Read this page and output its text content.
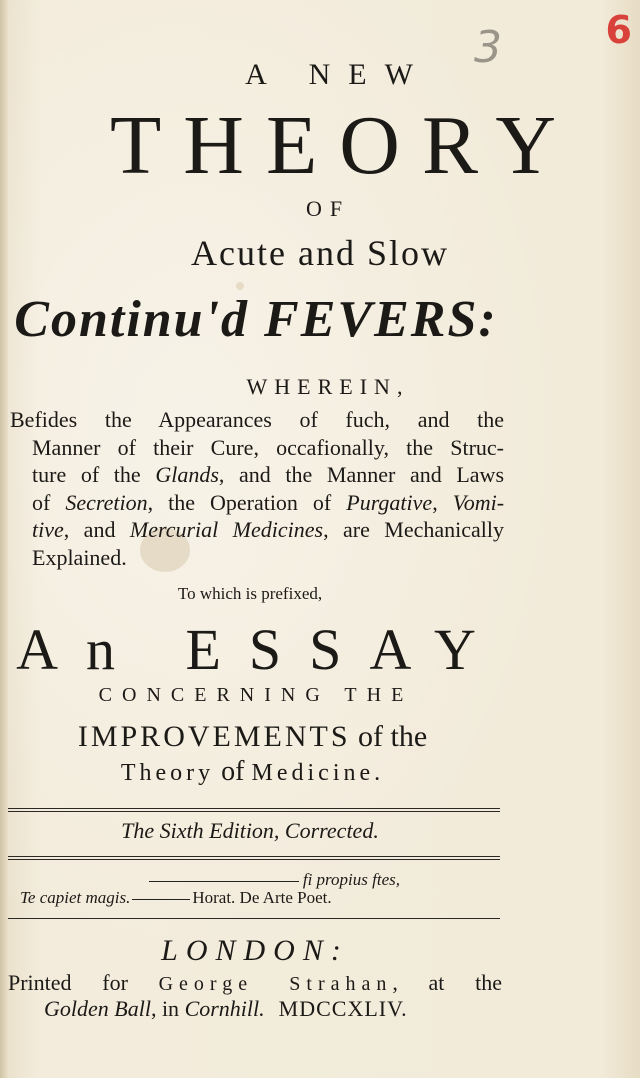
6
3
A NEW
THEORY
OF
Acute and Slow
Continu'd FEVERS:
WHEREIN,
Befides the Appearances of fuch, and the
Manner of their Cure, occafionally, the Struc-
ture of the Glands, and the Manner and Laws
of Secretion, the Operation of Purgative, Vomi-
tive, and Mercurial Medicines, are Mechanically
Explained.
To which is prefixed,
An ESSAY
CONCERNING THE
IMPROVEMENTS of the
Theory of Medicine.
The Sixth Edition, Corrected.
fi propius ftes,
Te capiet magis.	Horat. De Arte Poet.
LONDON:
Printed for George Strahan, at the
Golden Ball, in Cornhill. MDCCXLIV.
